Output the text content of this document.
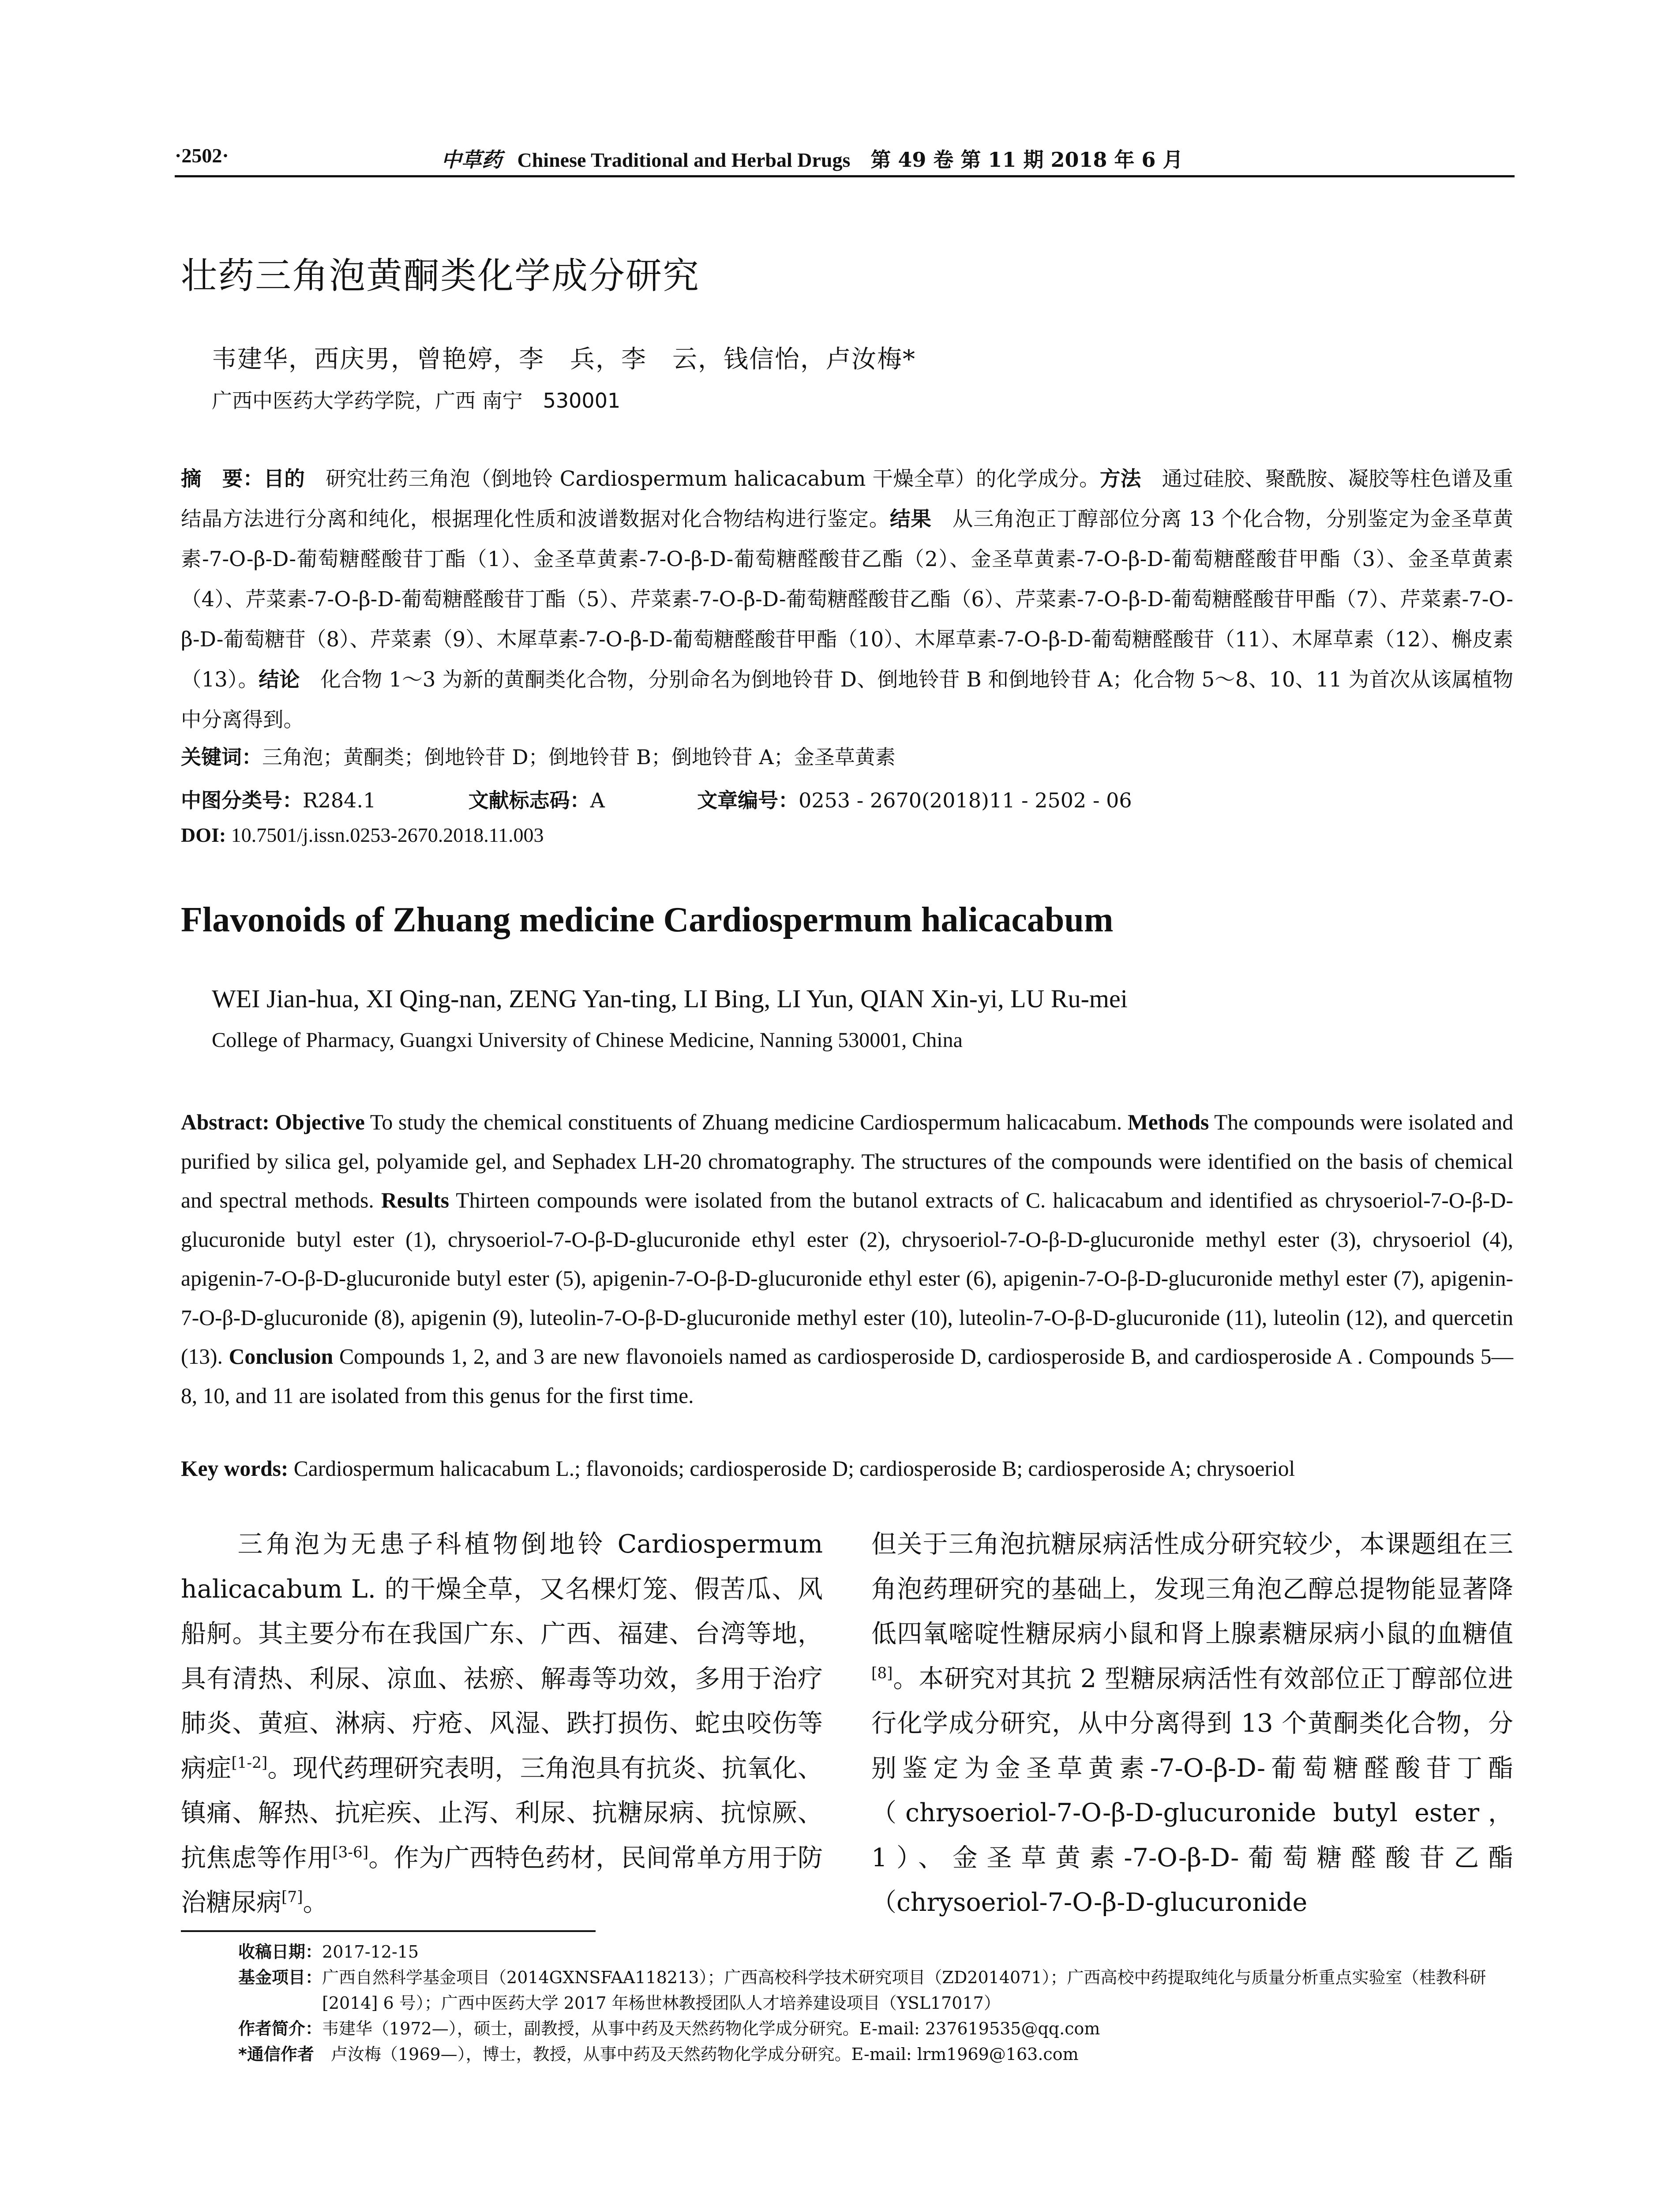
·2502·	中草药 Chinese Traditional and Herbal Drugs 第 49 卷 第 11 期 2018 年 6 月
壮药三角泡黄酮类化学成分研究
韦建华，西庆男，曾艳婷，李　兵，李　云，钱信怡，卢汝梅*
广西中医药大学药学院，广西 南宁　530001
摘　要：目的　研究壮药三角泡（倒地铃 Cardiospermum halicacabum 干燥全草）的化学成分。方法　通过硅胶、聚酰胺、凝胶等柱色谱及重结晶方法进行分离和纯化，根据理化性质和波谱数据对化合物结构进行鉴定。结果　从三角泡正丁醇部位分离 13 个化合物，分别鉴定为金圣草黄素-7-O-β-D-葡萄糖醛酸苷丁酯（1）、金圣草黄素-7-O-β-D-葡萄糖醛酸苷乙酯（2）、金圣草黄素-7-O-β-D-葡萄糖醛酸苷甲酯（3）、金圣草黄素（4）、芹菜素-7-O-β-D-葡萄糖醛酸苷丁酯（5）、芹菜素-7-O-β-D-葡萄糖醛酸苷乙酯（6）、芹菜素-7-O-β-D-葡萄糖醛酸苷甲酯（7）、芹菜素-7-O-β-D-葡萄糖苷（8）、芹菜素（9）、木犀草素-7-O-β-D-葡萄糖醛酸苷甲酯（10）、木犀草素-7-O-β-D-葡萄糖醛酸苷（11）、木犀草素（12）、槲皮素（13）。结论　化合物 1～3 为新的黄酮类化合物，分别命名为倒地铃苷 D、倒地铃苷 B 和倒地铃苷 A；化合物 5～8、10、11 为首次从该属植物中分离得到。
关键词：三角泡；黄酮类；倒地铃苷 D；倒地铃苷 B；倒地铃苷 A；金圣草黄素
中图分类号：R284.1	文献标志码：A	文章编号：0253 - 2670(2018)11 - 2502 - 06
DOI: 10.7501/j.issn.0253-2670.2018.11.003
Flavonoids of Zhuang medicine Cardiospermum halicacabum
WEI Jian-hua, XI Qing-nan, ZENG Yan-ting, LI Bing, LI Yun, QIAN Xin-yi, LU Ru-mei
College of Pharmacy, Guangxi University of Chinese Medicine, Nanning 530001, China
Abstract: Objective To study the chemical constituents of Zhuang medicine Cardiospermum halicacabum. Methods The compounds were isolated and purified by silica gel, polyamide gel, and Sephadex LH-20 chromatography. The structures of the compounds were identified on the basis of chemical and spectral methods. Results Thirteen compounds were isolated from the butanol extracts of C. halicacabum and identified as chrysoeriol-7-O-β-D-glucuronide butyl ester (1), chrysoeriol-7-O-β-D-glucuronide ethyl ester (2), chrysoeriol-7-O-β-D-glucuronide methyl ester (3), chrysoeriol (4), apigenin-7-O-β-D-glucuronide butyl ester (5), apigenin-7-O-β-D-glucuronide ethyl ester (6), apigenin-7-O-β-D-glucuronide methyl ester (7), apigenin-7-O-β-D-glucuronide (8), apigenin (9), luteolin-7-O-β-D-glucuronide methyl ester (10), luteolin-7-O-β-D-glucuronide (11), luteolin (12), and quercetin (13). Conclusion Compounds 1, 2, and 3 are new flavonoiels named as cardiosperoside D, cardiosperoside B, and cardiosperoside A . Compounds 5—8, 10, and 11 are isolated from this genus for the first time.
Key words: Cardiospermum halicacabum L.; flavonoids; cardiosperoside D; cardiosperoside B; cardiosperoside A; chrysoeriol
　　三角泡为无患子科植物倒地铃 Cardiospermum halicacabum L. 的干燥全草，又名棵灯笼、假苦瓜、风船舸。其主要分布在我国广东、广西、福建、台湾等地，具有清热、利尿、凉血、祛瘀、解毒等功效，多用于治疗肺炎、黄疸、淋病、疔疮、风湿、跌打损伤、蛇虫咬伤等病症[1-2]。现代药理研究表明，三角泡具有抗炎、抗氧化、镇痛、解热、抗疟疾、止泻、利尿、抗糖尿病、抗惊厥、抗焦虑等作用[3-6]。作为广西特色药材，民间常单方用于防治糖尿病[7]。
但关于三角泡抗糖尿病活性成分研究较少，本课题组在三角泡药理研究的基础上，发现三角泡乙醇总提物能显著降低四氧嘧啶性糖尿病小鼠和肾上腺素糖尿病小鼠的血糖值[8]。本研究对其抗 2 型糖尿病活性有效部位正丁醇部位进行化学成分研究，从中分离得到 13 个黄酮类化合物，分别鉴定为金圣草黄素-7-O-β-D-葡萄糖醛酸苷丁酯（chrysoeriol-7-O-β-D-glucuronide butyl ester，1）、金圣草黄素-7-O-β-D-葡萄糖醛酸苷乙酯（chrysoeriol-7-O-β-D-glucuronide
收稿日期： 2017-12-15
基金项目： 广西自然科学基金项目（2014GXNSFAA118213）；广西高校科学技术研究项目（ZD2014071）；广西高校中药提取纯化与质量分析重点实验室（桂教科研[2014] 6 号）；广西中医药大学 2017 年杨世林教授团队人才培养建设项目（YSL17017）
作者简介： 韦建华（1972—），硕士，副教授，从事中药及天然药物化学成分研究。E-mail: 237619535@qq.com
*通信作者 　卢汝梅（1969—），博士，教授，从事中药及天然药物化学成分研究。E-mail: lrm1969@163.com
